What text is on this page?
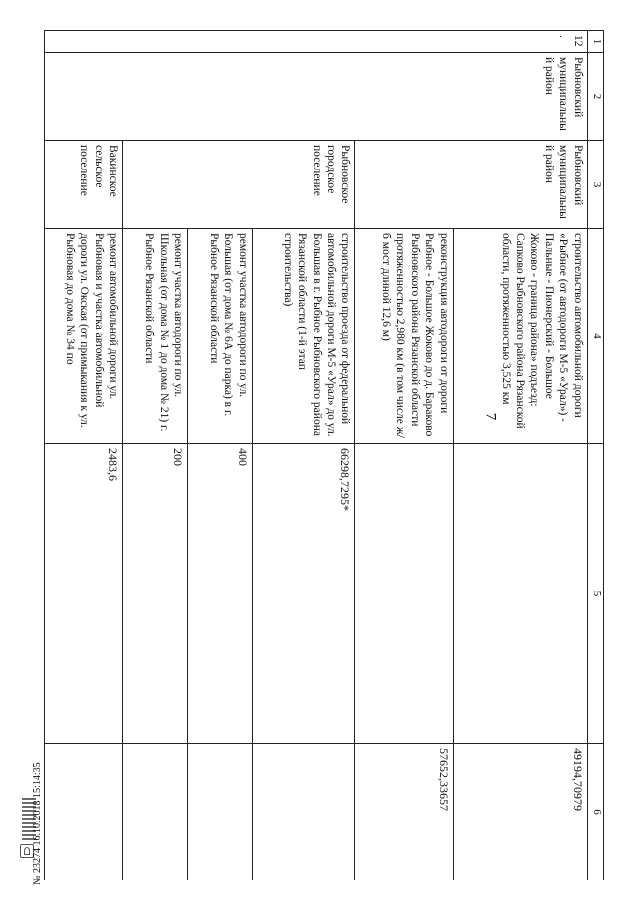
7
1	2	3	4	5	6
12.	Рыбновский муниципальный район	Рыбновский муниципальный район	строительство автомобильной дороги «Рыбное (от автодороги М-5 «Урал») - Пальные - Пионерский - Большое Жоково - граница района» подъезд: Сапково Рыбновского района Рязанской области, протяженностью 3,525 км		49194,70979
			реконструкция автодороги от дороги Рыбное - Большое Жоково до д. Бараково Рыбновского района Рязанской области протяженностью 2,980 км (в том числе ж/б мост длиной 12,6 м)		57652,33657
		Рыбновское городское поселение	строительство проезда от федеральной автомобильной дороги М-5 «Урал» до ул. Большая в г. Рыбное Рыбновского района Рязанской области (1-й этап строительства)	66298,7295*	
			ремонт участка автодороги по ул. Большая (от дома № 6А до парка) в г. Рыбное Рязанской области	400	
			ремонт участка автодороги по ул. Школьная (от дома № 1 до дома № 21) г. Рыбное Рязанской области	200	
		Вакинское сельское поселение	ремонт автомобильной дороги ул. Рыбновая и участка автомобильной дороги ул. Окская (от примыкания к ул. Рыбновая до дома № 34 по	2483,6	
№ 23274 16.10.2018 15:14:35
